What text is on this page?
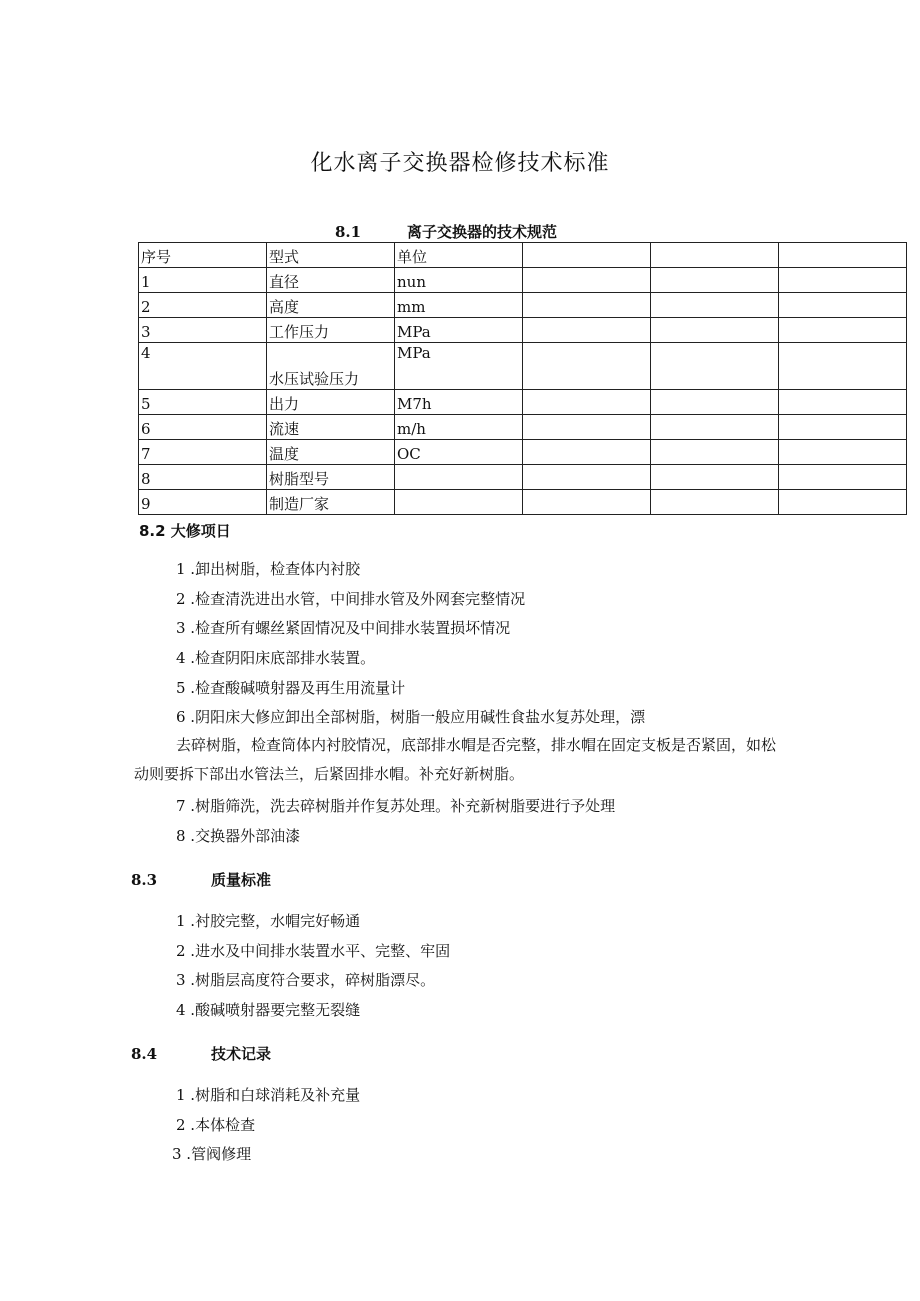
化水离子交换器检修技术标准
8.1	离子交换器的技术规范
序号	型式	单位			
1	直径	nun			
2	高度	mm			
3	工作压力	MPa			
4	水压试验压力	MPa			
5	出力	M7h			
6	流速	m/h			
7	温度	OC			
8	树脂型号				
9	制造厂家				
8.2 大修项日
1 .卸出树脂，检查体内衬胶
2 .检查清洗进出水管，中间排水管及外网套完整情况
3 .检查所有螺丝紧固情况及中间排水装置损坏情况
4 .检查阴阳床底部排水装置。
5 .检查酸碱喷射器及再生用流量计
6 .阴阳床大修应卸出全部树脂，树脂一般应用碱性食盐水复苏处理，漂
去碎树脂，检查筒体内衬胶情况，底部排水帽是否完整，排水帽在固定支板是否紧固，如松动则要拆下部出水管法兰，后紧固排水帽。补充好新树脂。
7 .树脂筛洗，洗去碎树脂并作复苏处理。补充新树脂要进行予处理
8 .交换器外部油漆
8.3	质量标准
1 .衬胶完整，水帽完好畅通
2 .进水及中间排水装置水平、完整、牢固
3 .树脂层高度符合要求，碎树脂漂尽。
4 .酸碱喷射器要完整无裂缝
8.4	技术记录
1 .树脂和白球消耗及补充量
2 .本体检查
3 .管阀修理
